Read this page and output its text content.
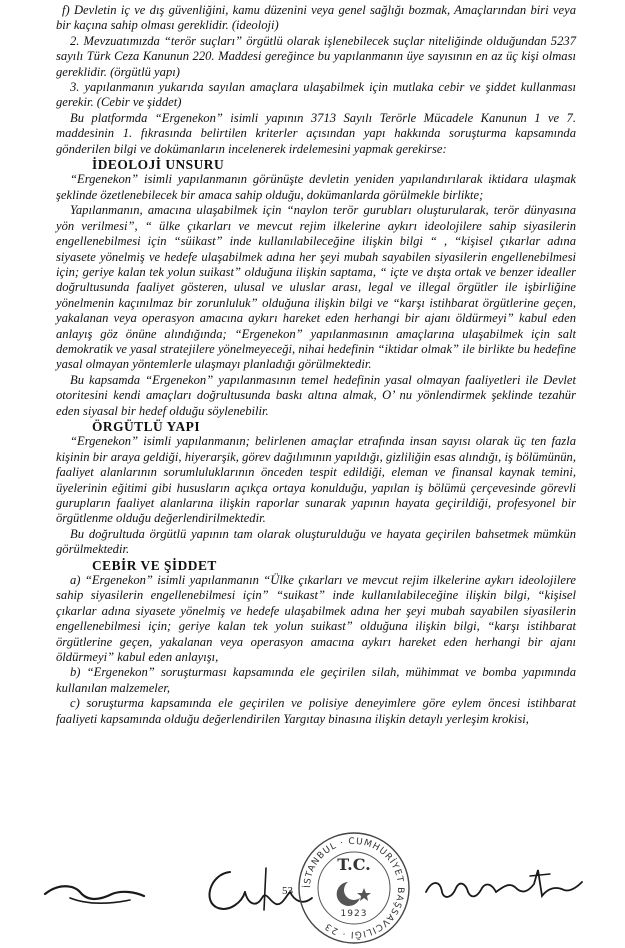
f) Devletin iç ve dış güvenliğini, kamu düzenini veya genel sağlığı bozmak, Amaçlarından biri veya bir kaçına sahip olması gereklidir. (ideoloji)

2. Mevzuatımızda “terör suçları” örgütlü olarak işlenebilecek suçlar niteliğinde olduğundan 5237 sayılı Türk Ceza Kanunun 220. Maddesi gereğince bu yapılanmanın üye sayısının en az üç kişi olması gereklidir. (örgütlü yapı)

3. yapılanmanın yukarıda sayılan amaçlara ulaşabilmek için mutlaka cebir ve şiddet kullanması gerekir. (Cebir ve şiddet)

Bu platformda “Ergenekon” isimli yapının 3713 Sayılı Terörle Mücadele Kanunun 1 ve 7. maddesinin 1. fıkrasında belirtilen kriterler açısından yapı hakkında soruşturma kapsamında gönderilen bilgi ve dokümanların incelenerek irdelemesini yapmak gerekirse:

İDEOLOJİ UNSURU

“Ergenekon” isimli yapılanmanın görünüşte devletin yeniden yapılandırılarak iktidara ulaşmak şeklinde özetlenebilecek bir amaca sahip olduğu, dokümanlarda görülmekle birlikte;

Yapılanmanın, amacına ulaşabilmek için “naylon terör gurubları oluşturularak, terör dünyasına yön verilmesi”, “ ülke çıkarları ve mevcut rejim ilkelerine aykırı ideolojilere sahip siyasilerin engellenebilmesi için “süikast” inde kullanılabileceğine ilişkin bilgi “ , “kişisel çıkarlar adına siyasete yönelmiş ve hedefe ulaşabilmek adına her şeyi mubah sayabilen siyasilerin engellenebilmesi için; geriye kalan tek yolun suikast” olduğuna ilişkin saptama, “ içte ve dışta ortak ve benzer idealler doğrultusunda faaliyet gösteren, ulusal ve uluslar arası, legal ve illegal örgütler ile işbirliğine yönelmenin kaçınılmaz bir zorunluluk” olduğuna ilişkin bilgi ve “karşı istihbarat örgütlerine geçen, yakalanan veya operasyon amacına aykırı hareket eden herhangi bir ajanı öldürmeyi” kabul eden anlayış göz önüne alındığında; “Ergenekon” yapılanmasının amaçlarına ulaşabilmek için salt demokratik ve yasal stratejilere yönelmeyeceği, nihai hedefinin “iktidar olmak” ile birlikte bu hedefine yasal olmayan yöntemlerle ulaşmayı planladığı görülmektedir.

Bu kapsamda “Ergenekon” yapılanmasının temel hedefinin yasal olmayan faaliyetleri ile Devlet otoritesini kendi amaçları doğrultusunda baskı altına almak, O’ nu yönlendirmek şeklinde tezahür eden siyasal bir hedef olduğu söylenebilir.

ÖRGÜTLÜ YAPI

“Ergenekon” isimli yapılanmanın; belirlenen amaçlar etrafında insan sayısı olarak üç ten fazla kişinin bir araya geldiği, hiyerarşik, görev dağılımının yapıldığı, gizliliğin esas alındığı, iş bölümünün, faaliyet alanlarının sorumluluklarının önceden tespit edildiği, eleman ve finansal kaynak temini, üyelerinin eğitimi gibi hususların açıkça ortaya konulduğu, yapılan iş bölümü çerçevesinde görevli gurupların faaliyet alanlarına ilişkin raporlar sunarak yapının hayata geçirildiği, profesyonel bir örgütlenme olduğu değerlendirilmektedir.

Bu doğrultuda örgütlü yapının tam olarak oluşturulduğu ve hayata geçirilen bahsetmek mümkün görülmektedir.

CEBİR VE ŞİDDET

a) “Ergenekon” isimli yapılanmanın “Ülke çıkarları ve mevcut rejim ilkelerine aykırı ideolojilere sahip siyasilerin engellenebilmesi için” “suikast” inde kullanılabileceğine ilişkin bilgi, “kişisel çıkarlar adına siyasete yönelmiş ve hedefe ulaşabilmek adına her şeyi mubah sayabilen siyasilerin engellenebilmesi için; geriye kalan tek yolun suikast” olduğuna ilişkin bilgi, “karşı istihbarat örgütlerine geçen, yakalanan veya operasyon amacına aykırı hareket eden herhangi bir ajanı öldürmeyi” kabul eden anlayışı,

b) “Ergenekon” soruşturması kapsamında ele geçirilen silah, mühimmat ve bomba yapımında kullanılan malzemeler,

c) soruşturma kapsamında ele geçirilen ve polisiye deneyimlere göre eylem öncesi istihbarat faaliyeti kapsamında olduğu değerlendirilen Yargıtay binasına ilişkin detaylı yerleşim krokisi,

İSTANBUL · CUMHURİYET BAŞSAVCILIĞI · 23
T.C.
1923
53
